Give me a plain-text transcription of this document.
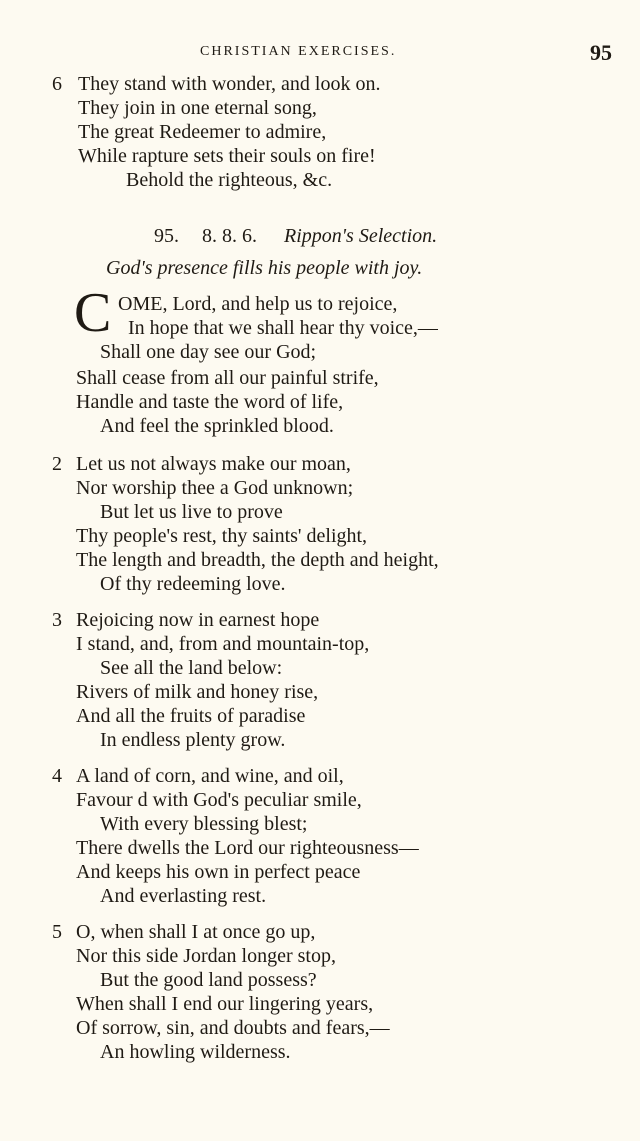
CHRISTIAN EXERCISES.	95
6 They stand with wonder, and look on.
They join in one eternal song,
The great Redeemer to admire,
While rapture sets their souls on fire!
Behold the righteous, &c.
95. 8. 8. 6. Rippon's Selection.
God's presence fills his people with joy.
C OME, Lord, and help us to rejoice,
In hope that we shall hear thy voice,—
Shall one day see our God;
Shall cease from all our painful strife,
Handle and taste the word of life,
And feel the sprinkled blood.
2 Let us not always make our moan,
Nor worship thee a God unknown;
But let us live to prove
Thy people's rest, thy saints' delight,
The length and breadth, the depth and height,
Of thy redeeming love.
3 Rejoicing now in earnest hope
I stand, and, from and mountain-top,
See all the land below:
Rivers of milk and honey rise,
And all the fruits of paradise
In endless plenty grow.
4 A land of corn, and wine, and oil,
Favour d with God's peculiar smile,
With every blessing blest;
There dwells the Lord our righteousness—
And keeps his own in perfect peace
And everlasting rest.
5 O, when shall I at once go up,
Nor this side Jordan longer stop,
But the good land possess?
When shall I end our lingering years,
Of sorrow, sin, and doubts and fears,—
An howling wilderness.
